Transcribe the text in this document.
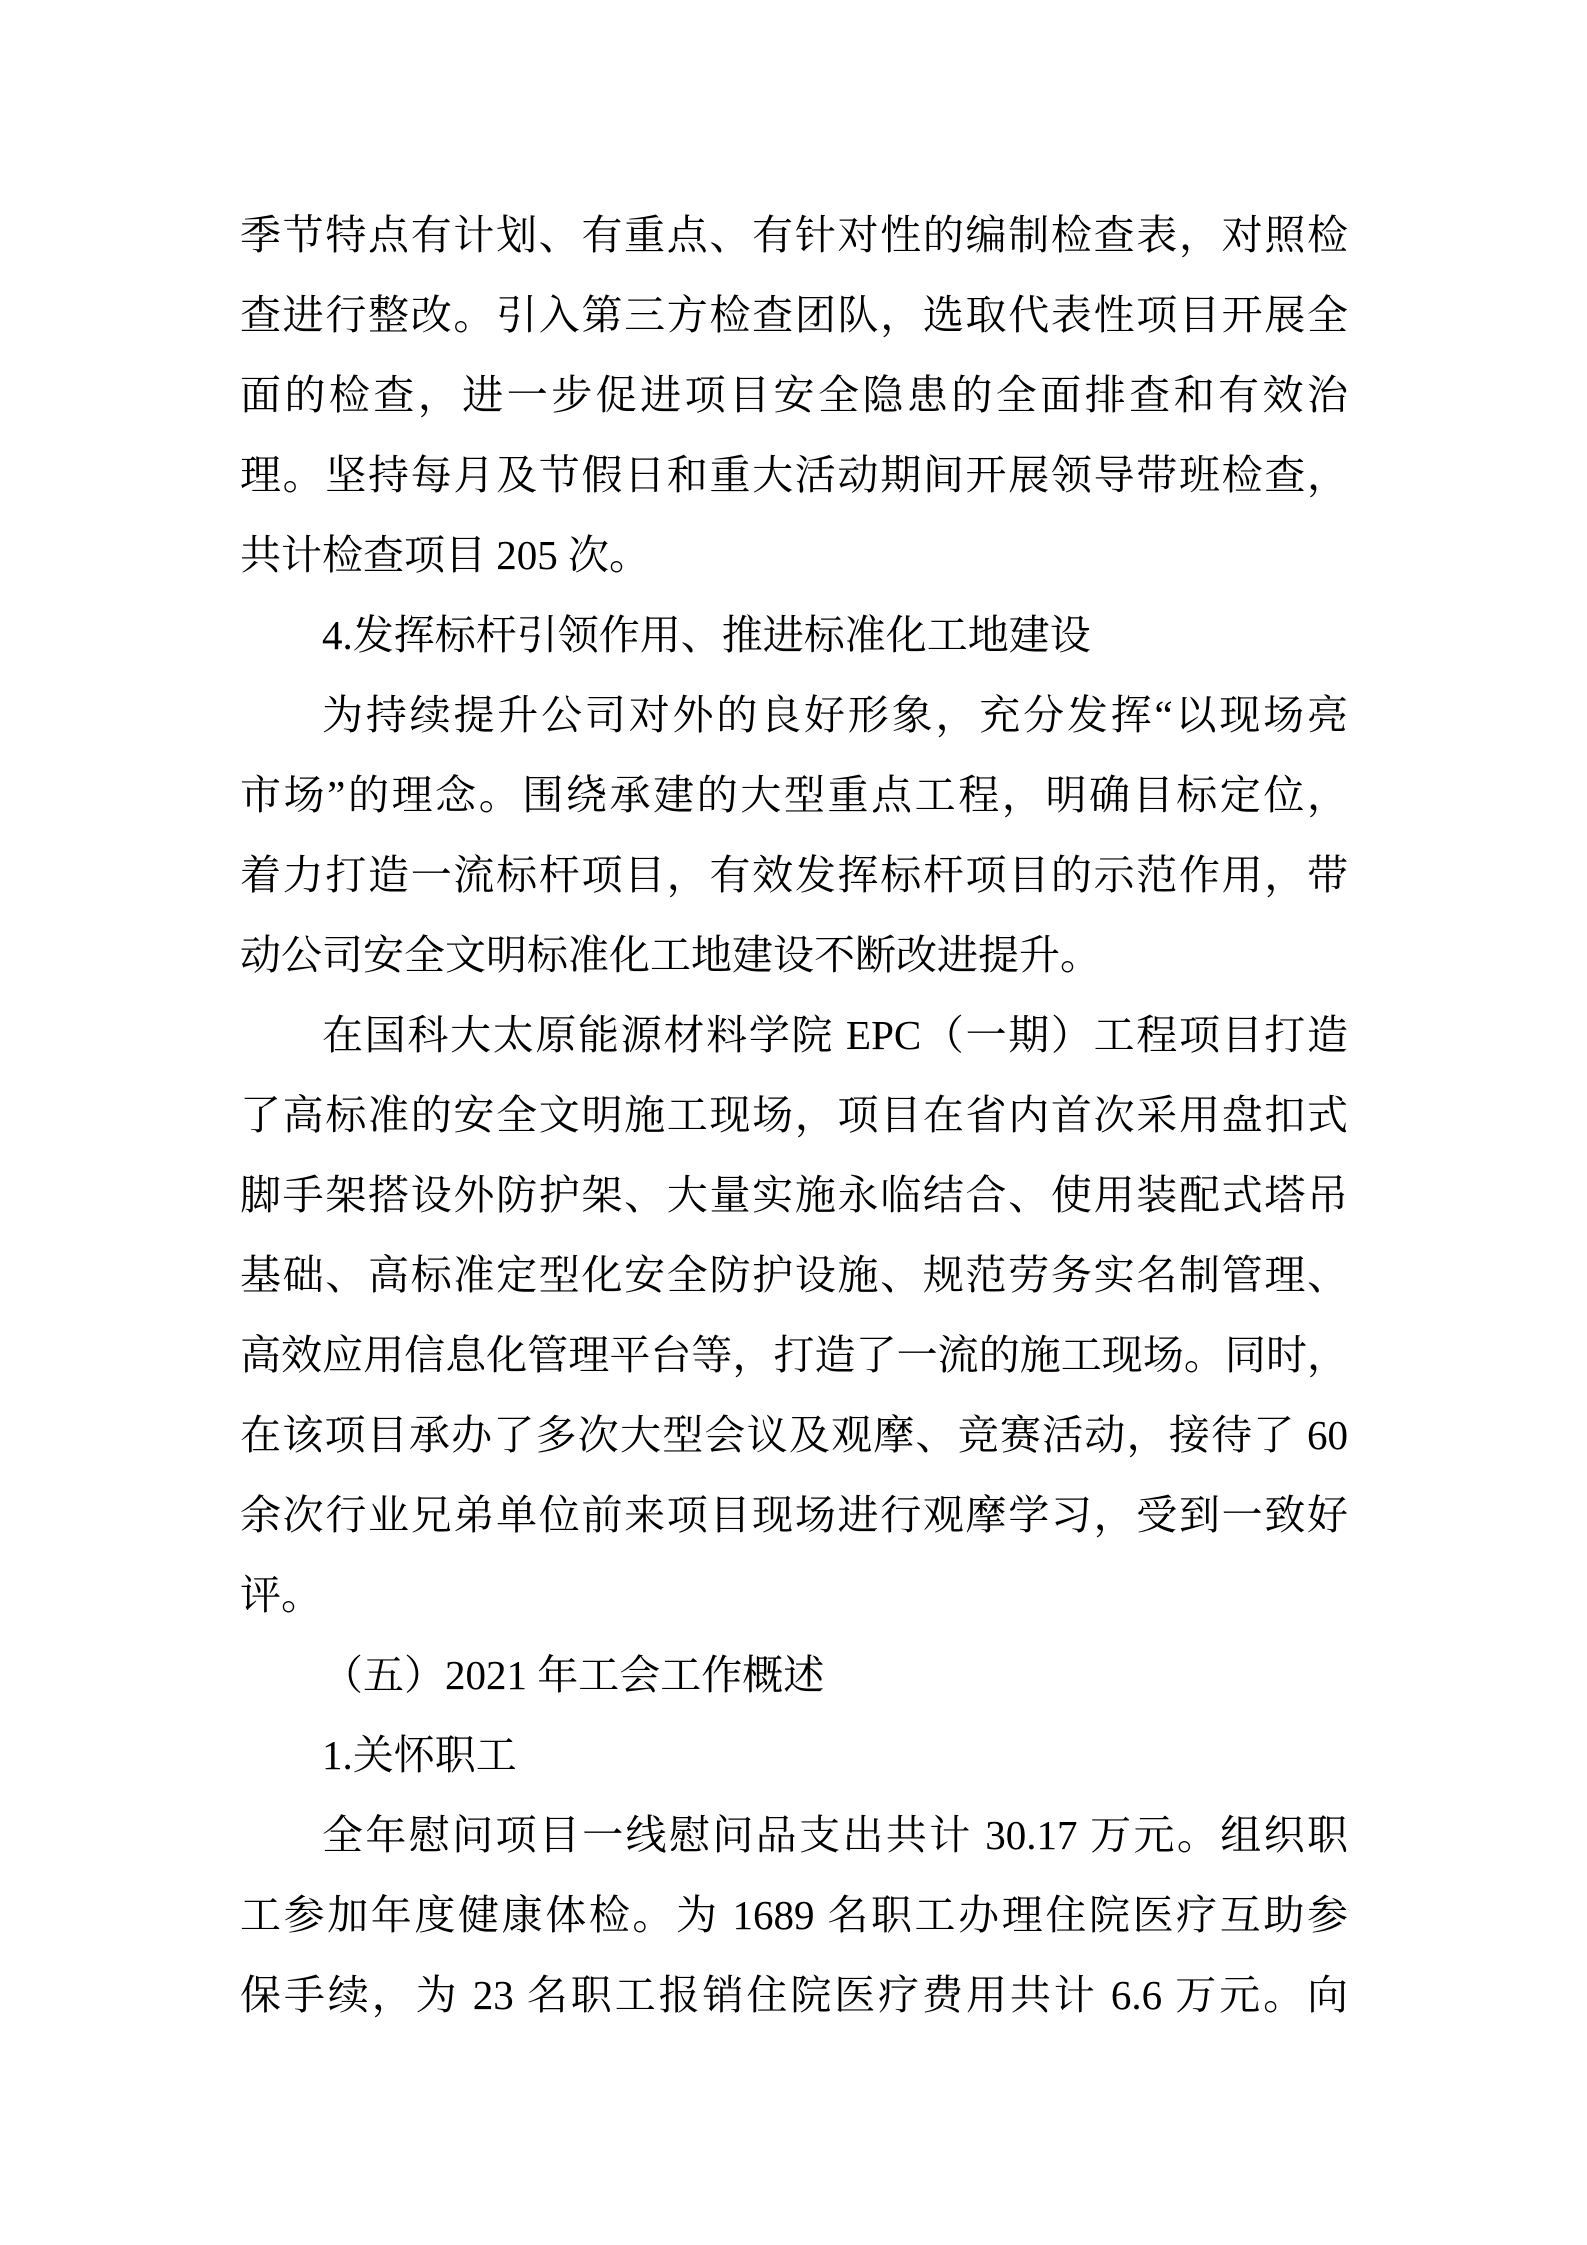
季节特点有计划、有重点、有针对性的编制检查表，对照检
查进行整改。引入第三方检查团队，选取代表性项目开展全
面的检查，进一步促进项目安全隐患的全面排查和有效治
理。坚持每月及节假日和重大活动期间开展领导带班检查，
共计检查项目 205 次。
4.发挥标杆引领作用、推进标准化工地建设
为持续提升公司对外的良好形象，充分发挥“以现场亮
市场”的理念。围绕承建的大型重点工程，明确目标定位，
着力打造一流标杆项目，有效发挥标杆项目的示范作用，带
动公司安全文明标准化工地建设不断改进提升。
在国科大太原能源材料学院 EPC（一期）工程项目打造
了高标准的安全文明施工现场，项目在省内首次采用盘扣式
脚手架搭设外防护架、大量实施永临结合、使用装配式塔吊
基础、高标准定型化安全防护设施、规范劳务实名制管理、
高效应用信息化管理平台等，打造了一流的施工现场。同时，
在该项目承办了多次大型会议及观摩、竞赛活动，接待了 60
余次行业兄弟单位前来项目现场进行观摩学习，受到一致好
评。
（五）2021 年工会工作概述
1.关怀职工
全年慰问项目一线慰问品支出共计 30.17 万元。组织职
工参加年度健康体检。为 1689 名职工办理住院医疗互助参
保手续，为 23 名职工报销住院医疗费用共计 6.6 万元。向
